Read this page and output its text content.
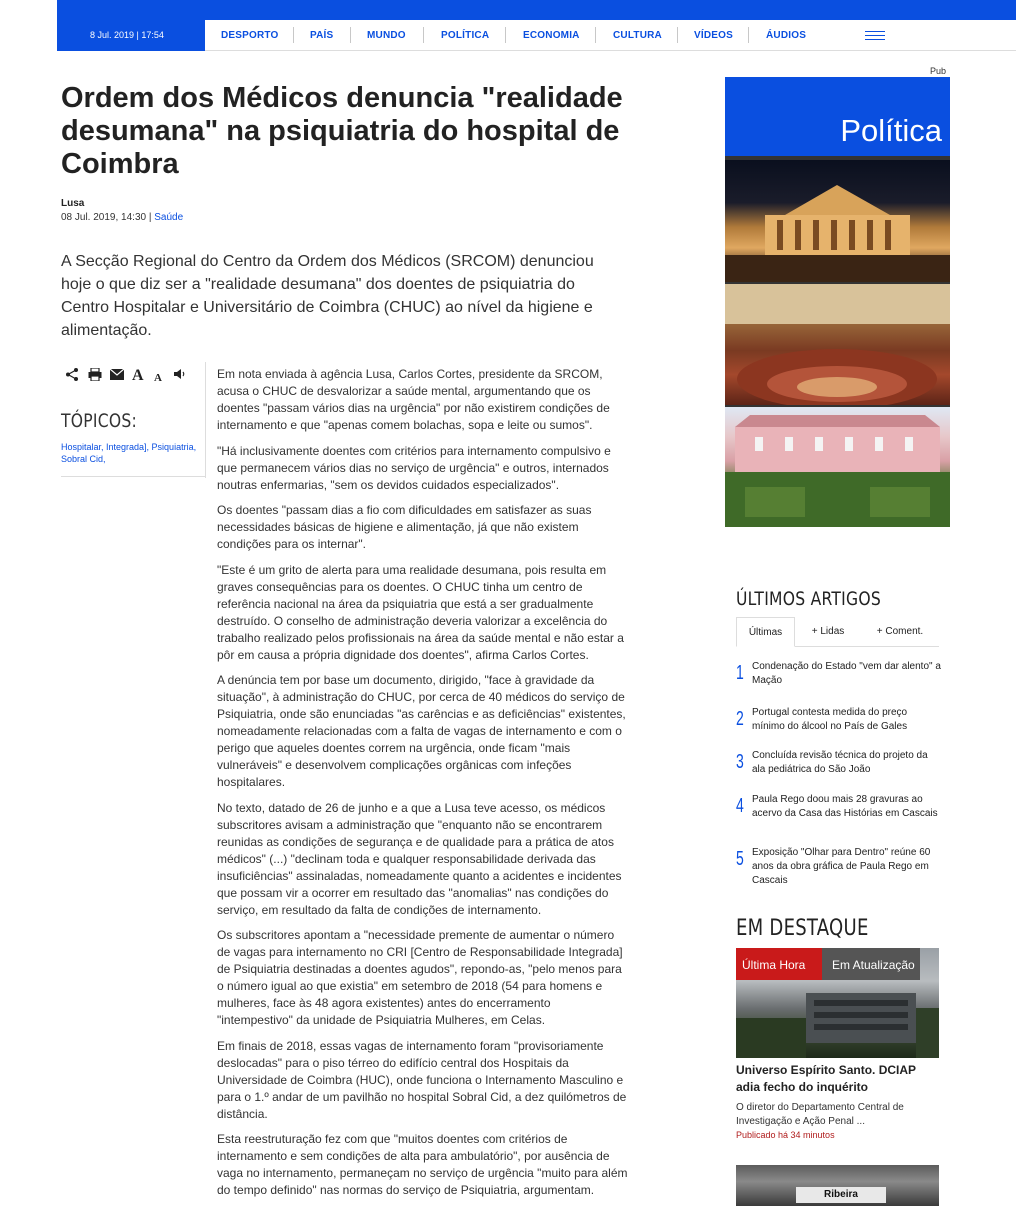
8 Jul. 2019 | 17:54	DESPORTO	PAÍS	MUNDO	POLÍTICA	ECONOMIA	CULTURA	VÍDEOS	ÁUDIOS
Ordem dos Médicos denuncia "realidade desumana" na psiquiatria do hospital de Coimbra
Lusa
08 Jul. 2019, 14:30 | Saúde

A Secção Regional do Centro da Ordem dos Médicos (SRCOM) denunciou hoje o que diz ser a "realidade desumana" dos doentes de psiquiatria do Centro Hospitalar e Universitário de Coimbra (CHUC) ao nível da higiene e alimentação.

A A
TÓPICOS:
Hospitalar, Integrada], Psiquiatria,
Sobral Cid,

Em nota enviada à agência Lusa, Carlos Cortes, presidente da SRCOM, acusa o CHUC de desvalorizar a saúde mental, argumentando que os doentes "passam vários dias na urgência" por não existirem condições de internamento e que "apenas comem bolachas, sopa e leite ou sumos".

"Há inclusivamente doentes com critérios para internamento compulsivo e que permanecem vários dias no serviço de urgência" e outros, internados noutras enfermarias, "sem os devidos cuidados especializados".

Os doentes "passam dias a fio com dificuldades em satisfazer as suas necessidades básicas de higiene e alimentação, já que não existem condições para os internar".

"Este é um grito de alerta para uma realidade desumana, pois resulta em graves consequências para os doentes. O CHUC tinha um centro de referência nacional na área da psiquiatria que está a ser gradualmente destruído. O conselho de administração deveria valorizar a excelência do trabalho realizado pelos profissionais na área da saúde mental e não estar a pôr em causa a própria dignidade dos doentes", afirma Carlos Cortes.

A denúncia tem por base um documento, dirigido, "face à gravidade da situação", à administração do CHUC, por cerca de 40 médicos do serviço de Psiquiatria, onde são enunciadas "as carências e as deficiências" existentes, nomeadamente relacionadas com a falta de vagas de internamento e com o perigo que aqueles doentes correm na urgência, onde ficam "mais vulneráveis" e desenvolvem complicações orgânicas com infeções hospitalares.

No texto, datado de 26 de junho e a que a Lusa teve acesso, os médicos subscritores avisam a administração que "enquanto não se encontrarem reunidas as condições de segurança e de qualidade para a prática de atos médicos" (...) "declinam toda e qualquer responsabilidade derivada das insuficiências" assinaladas, nomeadamente quanto a acidentes e incidentes que possam vir a ocorrer em resultado das "anomalias" nas condições do serviço, em resultado da falta de condições de internamento.

Os subscritores apontam a "necessidade premente de aumentar o número de vagas para internamento no CRI [Centro de Responsabilidade Integrada] de Psiquiatria destinadas a doentes agudos", repondo-as, "pelo menos para o número igual ao que existia" em setembro de 2018 (54 para homens e mulheres, face às 48 agora existentes) antes do encerramento "intempestivo" da unidade de Psiquiatria Mulheres, em Celas.

Em finais de 2018, essas vagas de internamento foram "provisoriamente deslocadas" para o piso térreo do edifício central dos Hospitais da Universidade de Coimbra (HUC), onde funciona o Internamento Masculino e para o 1.º andar de um pavilhão no hospital Sobral Cid, a dez quilómetros de distância.

Esta reestruturação fez com que "muitos doentes com critérios de internamento e sem condições de alta para ambulatório", por ausência de vaga no internamento, permaneçam no serviço de urgência "muito para além do tempo definido" nas normas do serviço de Psiquiatria, argumentam.

Pub
Política
ÚLTIMOS ARTIGOS
Últimas	+ Lidas	+ Coment.
1 Condenação do Estado "vem dar alento" a Mação
2 Portugal contesta medida do preço mínimo do álcool no País de Gales
3 Concluída revisão técnica do projeto da ala pediátrica do São João
4 Paula Rego doou mais 28 gravuras ao acervo da Casa das Histórias em Cascais
5 Exposição "Olhar para Dentro" reúne 60 anos da obra gráfica de Paula Rego em Cascais
EM DESTAQUE
Última Hora	Em Atualização
Universo Espírito Santo. DCIAP adia fecho do inquérito
O diretor do Departamento Central de Investigação e Ação Penal ...
Publicado há 34 minutos
Ribeira
